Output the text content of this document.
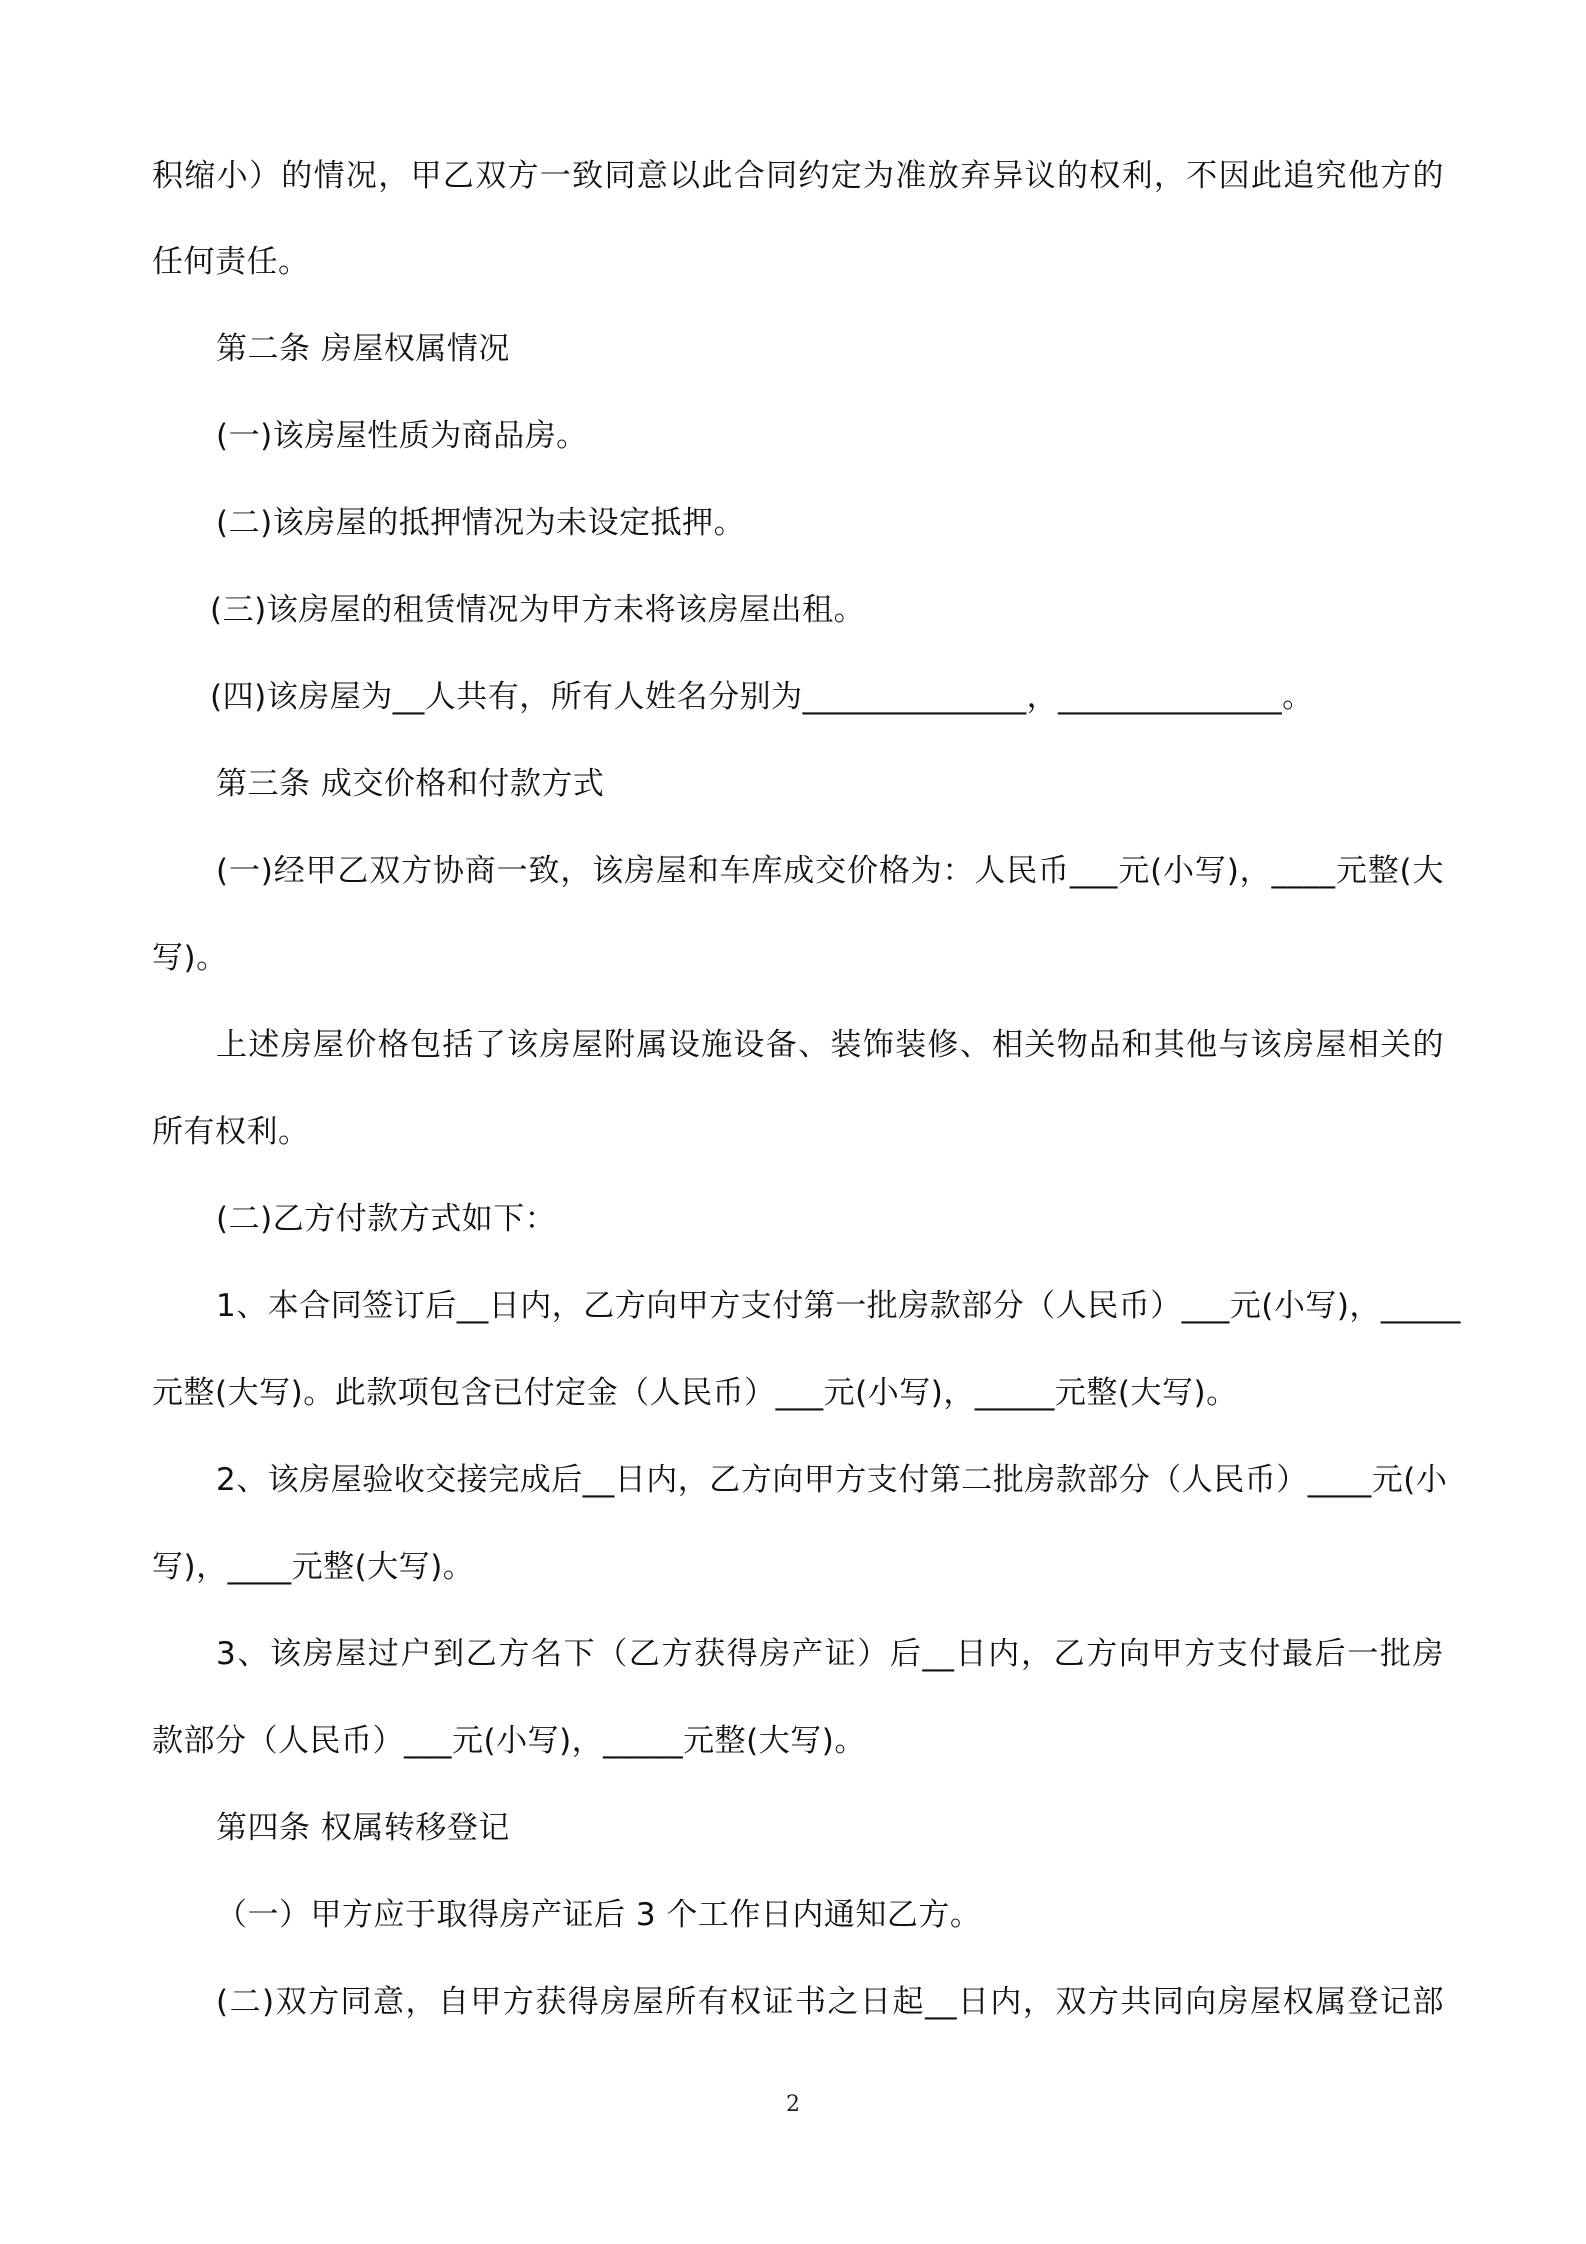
积缩小）的情况，甲乙双方一致同意以此合同约定为准放弃异议的权利，不因此追究他方的
任何责任。
第二条 房屋权属情况
(一)该房屋性质为商品房。
(二)该房屋的抵押情况为未设定抵押。
(三)该房屋的租赁情况为甲方未将该房屋出租。
(四)该房屋为__人共有，所有人姓名分别为______________，______________。
第三条 成交价格和付款方式
(一)经甲乙双方协商一致，该房屋和车库成交价格为：人民币___元(小写)，____元整(大
写)。
上述房屋价格包括了该房屋附属设施设备、装饰装修、相关物品和其他与该房屋相关的
所有权利。
(二)乙方付款方式如下：
1、本合同签订后__日内，乙方向甲方支付第一批房款部分（人民币）___元(小写)，_____
元整(大写)。此款项包含已付定金（人民币）___元(小写)，_____元整(大写)。
2、该房屋验收交接完成后__日内，乙方向甲方支付第二批房款部分（人民币）____元(小
写)，____元整(大写)。
3、该房屋过户到乙方名下（乙方获得房产证）后__日内，乙方向甲方支付最后一批房
款部分（人民币）___元(小写)，_____元整(大写)。
第四条 权属转移登记
（一）甲方应于取得房产证后 3 个工作日内通知乙方。
(二)双方同意，自甲方获得房屋所有权证书之日起__日内，双方共同向房屋权属登记部
2
